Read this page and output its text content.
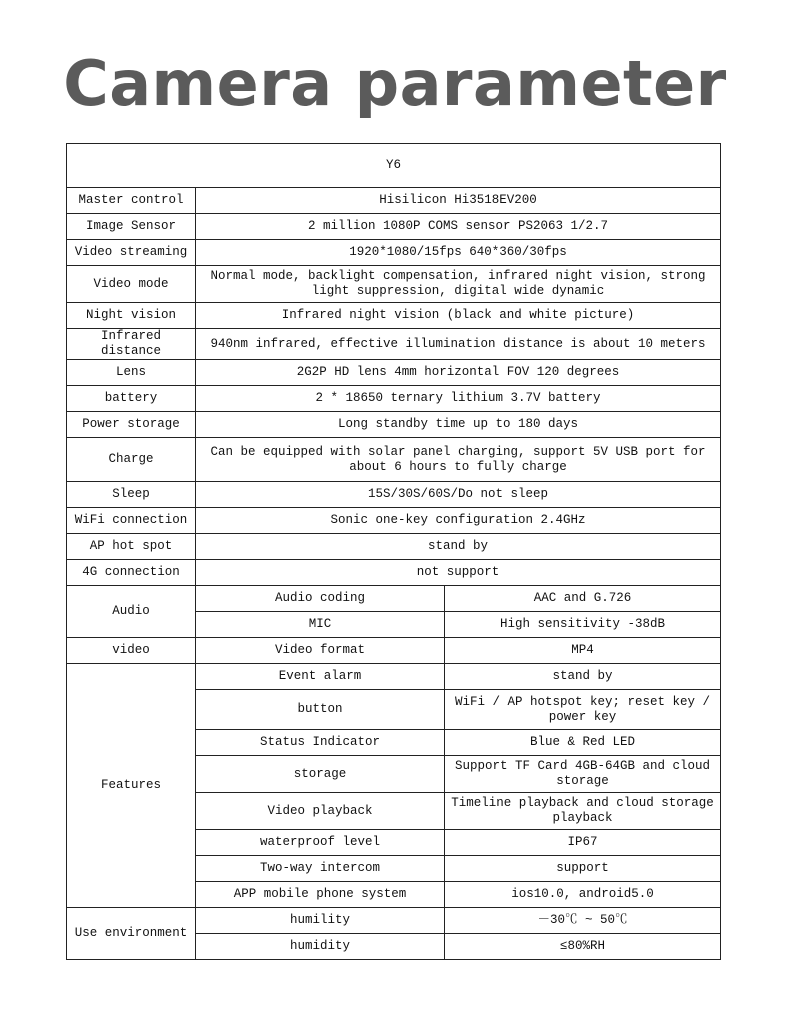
Camera parameter
Y6		
Master control	Hisilicon Hi3518EV200	
Image Sensor	2 million 1080P COMS sensor PS2063 1/2.7	
Video streaming	1920*1080/15fps 640*360/30fps	
Video mode	Normal mode, backlight compensation, infrared night vision, strong light suppression, digital wide dynamic	

Night vision	Infrared night vision (black and white picture)	
Infrared distance	940nm infrared, effective illumination distance is about 10 meters	
Lens	2G2P HD lens 4mm horizontal FOV 120 degrees	
battery	2 * 18650 ternary lithium 3.7V battery	
Power storage	Long standby time up to 180 days	
Charge	Can be equipped with solar panel charging, support 5V USB port for about 6 hours to fully charge	
Sleep	15S/30S/60S/Do not sleep	
WiFi connection	Sonic one-key configuration 2.4GHz	
AP hot spot	stand by	
4G connection	not support	
Audio	Audio coding	AAC and G.726
	MIC	High sensitivity -38dB
video	Video format	MP4
Features	Event alarm	stand by
	button	WiFi / AP hotspot key; reset key / power key
	Status Indicator	Blue & Red LED
	storage	Support TF Card 4GB-64GB and cloud storage
	Video playback	Timeline playback and cloud storage playback
	waterproof level	IP67
	Two-way intercom	support

	APP mobile phone system	ios10.0, android5.0
Use environment	humility	－30℃ ~ 50℃
	humidity	≤80%RH
